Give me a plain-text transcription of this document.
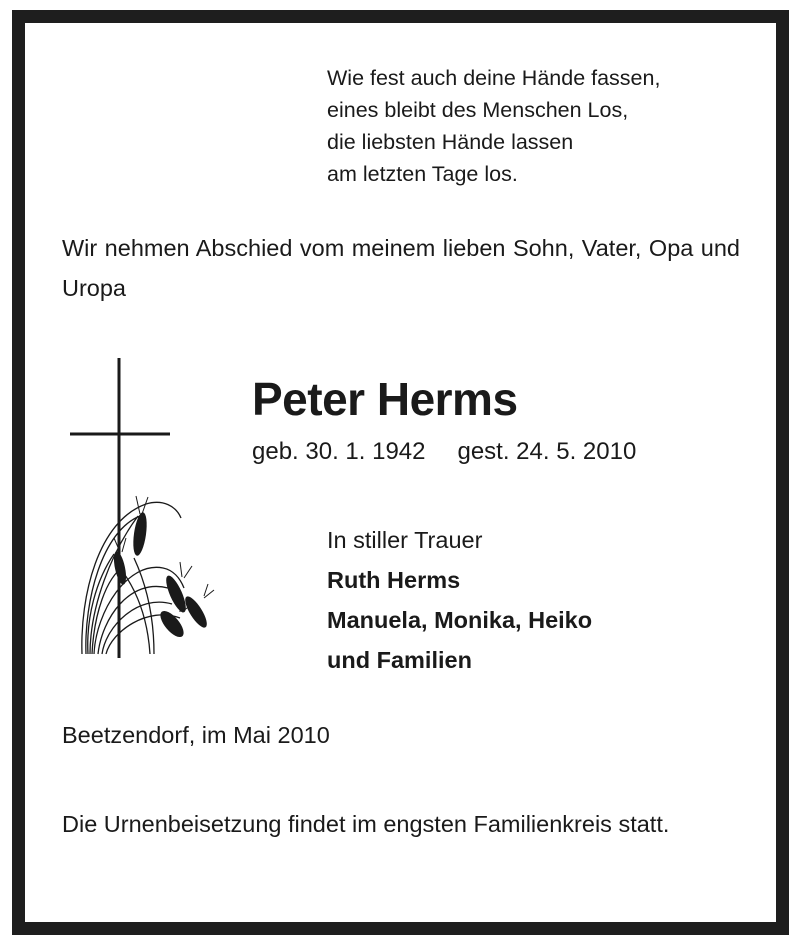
Wie fest auch deine Hände fassen,
eines bleibt des Menschen Los,
die liebsten Hände lassen
am letzten Tage los.
Wir nehmen Abschied vom meinem lieben Sohn, Vater, Opa und Uropa
Peter Herms
geb. 30. 1. 1942 gest. 24. 5. 2010
In stiller Trauer
Ruth Herms
Manuela, Monika, Heiko
und Familien
Beetzendorf, im Mai 2010
Die Urnenbeisetzung findet im engsten Familienkreis statt.
